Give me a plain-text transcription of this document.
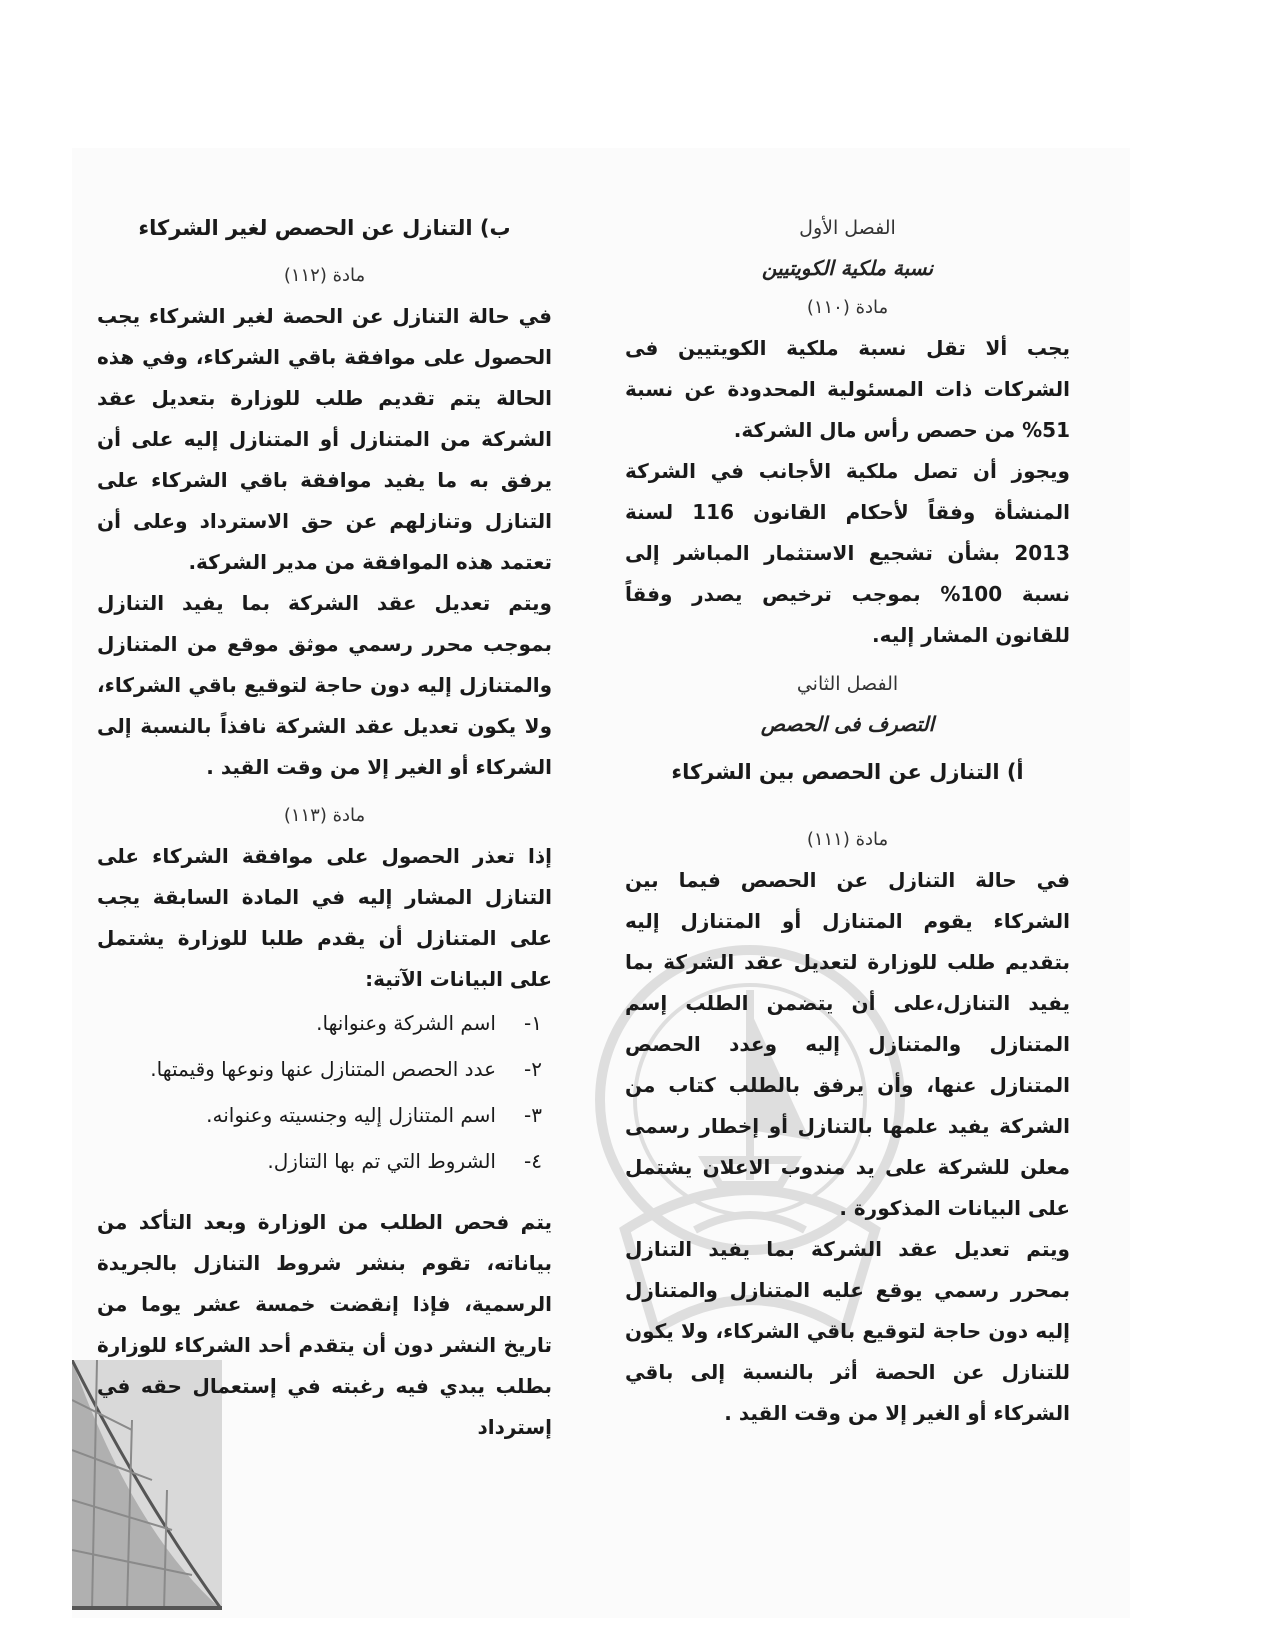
الفصل الأول
نسبة ملكية الكويتيين
مادة (١١٠)

يجب ألا تقل نسبة ملكية الكويتيين فى الشركات ذات المسئولية المحدودة عن نسبة 51% من حصص رأس مال الشركة.

ويجوز أن تصل ملكية الأجانب في الشركة المنشأة وفقاً لأحكام القانون 116 لسنة 2013 بشأن تشجيع الاستثمار المباشر إلى نسبة 100% بموجب ترخيص يصدر وفقاً للقانون المشار إليه.

الفصل الثاني
التصرف فى الحصص
أ) التنازل عن الحصص بين الشركاء
مادة (١١١)

في حالة التنازل عن الحصص فيما بين الشركاء يقوم المتنازل أو المتنازل إليه بتقديم طلب للوزارة لتعديل عقد الشركة بما يفيد التنازل،على أن يتضمن الطلب إسم المتنازل والمتنازل إليه وعدد الحصص المتنازل عنها، وأن يرفق بالطلب كتاب من الشركة يفيد علمها بالتنازل أو إخطار رسمى معلن للشركة على يد مندوب الاعلان يشتمل على البيانات المذكورة .

ويتم تعديل عقد الشركة بما يفيد التنازل بمحرر رسمي يوقع عليه المتنازل والمتنازل إليه دون حاجة لتوقيع باقي الشركاء، ولا يكون للتنازل عن الحصة أثر بالنسبة إلى باقي الشركاء أو الغير إلا من وقت القيد .

ب) التنازل عن الحصص لغير الشركاء
مادة (١١٢)

في حالة التنازل عن الحصة لغير الشركاء يجب الحصول على موافقة باقي الشركاء، وفي هذه الحالة يتم تقديم طلب للوزارة بتعديل عقد الشركة من المتنازل أو المتنازل إليه على أن يرفق به ما يفيد موافقة باقي الشركاء على التنازل وتنازلهم عن حق الاسترداد وعلى أن تعتمد هذه الموافقة من مدير الشركة.

ويتم تعديل عقد الشركة بما يفيد التنازل بموجب محرر رسمي موثق موقع من المتنازل والمتنازل إليه دون حاجة لتوقيع باقي الشركاء، ولا يكون تعديل عقد الشركة نافذاً بالنسبة إلى الشركاء أو الغير إلا من وقت القيد .

مادة (١١٣)

إذا تعذر الحصول على موافقة الشركاء على التنازل المشار إليه في المادة السابقة يجب على المتنازل أن يقدم طلبا للوزارة يشتمل على البيانات الآتية:

١-
اسم الشركة وعنوانها.
٢-
عدد الحصص المتنازل عنها ونوعها وقيمتها.
٣-
اسم المتنازل إليه وجنسيته وعنوانه.
٤-
الشروط التي تم بها التنازل.

يتم فحص الطلب من الوزارة وبعد التأكد من بياناته، تقوم بنشر شروط التنازل بالجريدة الرسمية، فإذا إنقضت خمسة عشر يوما من تاريخ النشر دون أن يتقدم أحد الشركاء للوزارة بطلب يبدي فيه رغبته في إستعمال حقه في إسترداد
